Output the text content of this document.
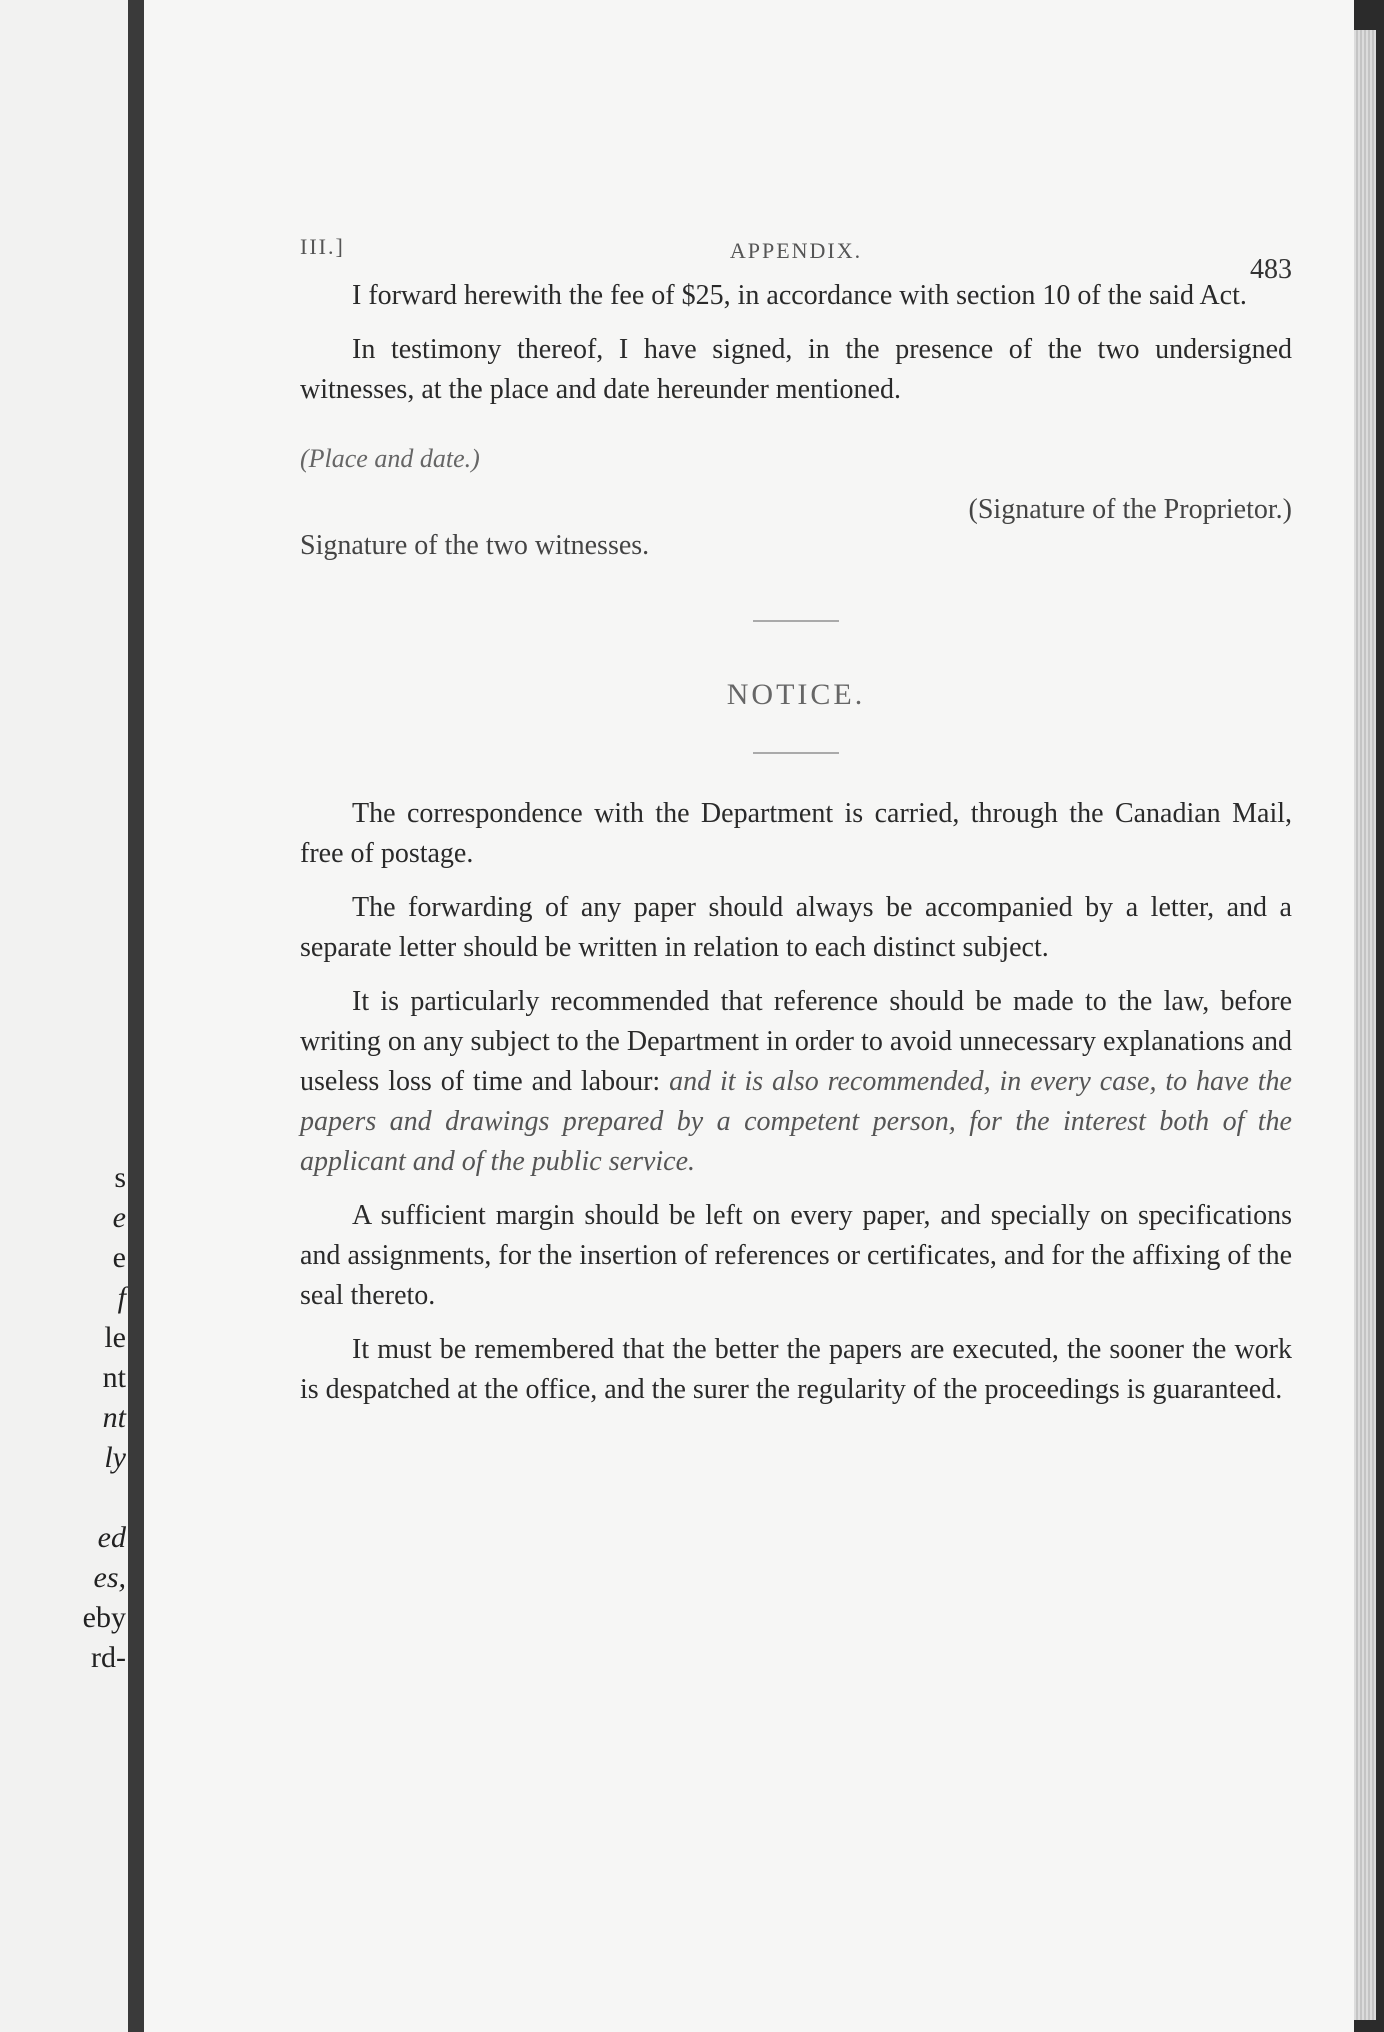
s
e
e
f
le
nt
nt
ly
ed
es,
eby
rd-
III.]	APPENDIX.
483

I forward herewith the fee of $25, in accordance with section 10 of the said Act.

In testimony thereof, I have signed, in the presence of the two undersigned witnesses, at the place and date hereunder mentioned.

(Place and date.)

(Signature of the Proprietor.)

Signature of the two witnesses.

NOTICE.

The correspondence with the Department is carried, through the Canadian Mail, free of postage.

The forwarding of any paper should always be accompanied by a letter, and a separate letter should be written in relation to each distinct subject.

It is particularly recommended that reference should be made to the law, before writing on any subject to the Department in order to avoid unnecessary explanations and useless loss of time and labour: and it is also recommended, in every case, to have the papers and drawings prepared by a competent person, for the interest both of the applicant and of the public service.

A sufficient margin should be left on every paper, and specially on specifications and assignments, for the insertion of references or certificates, and for the affixing of the seal thereto.

It must be remembered that the better the papers are executed, the sooner the work is despatched at the office, and the surer the regularity of the proceedings is guaranteed.
